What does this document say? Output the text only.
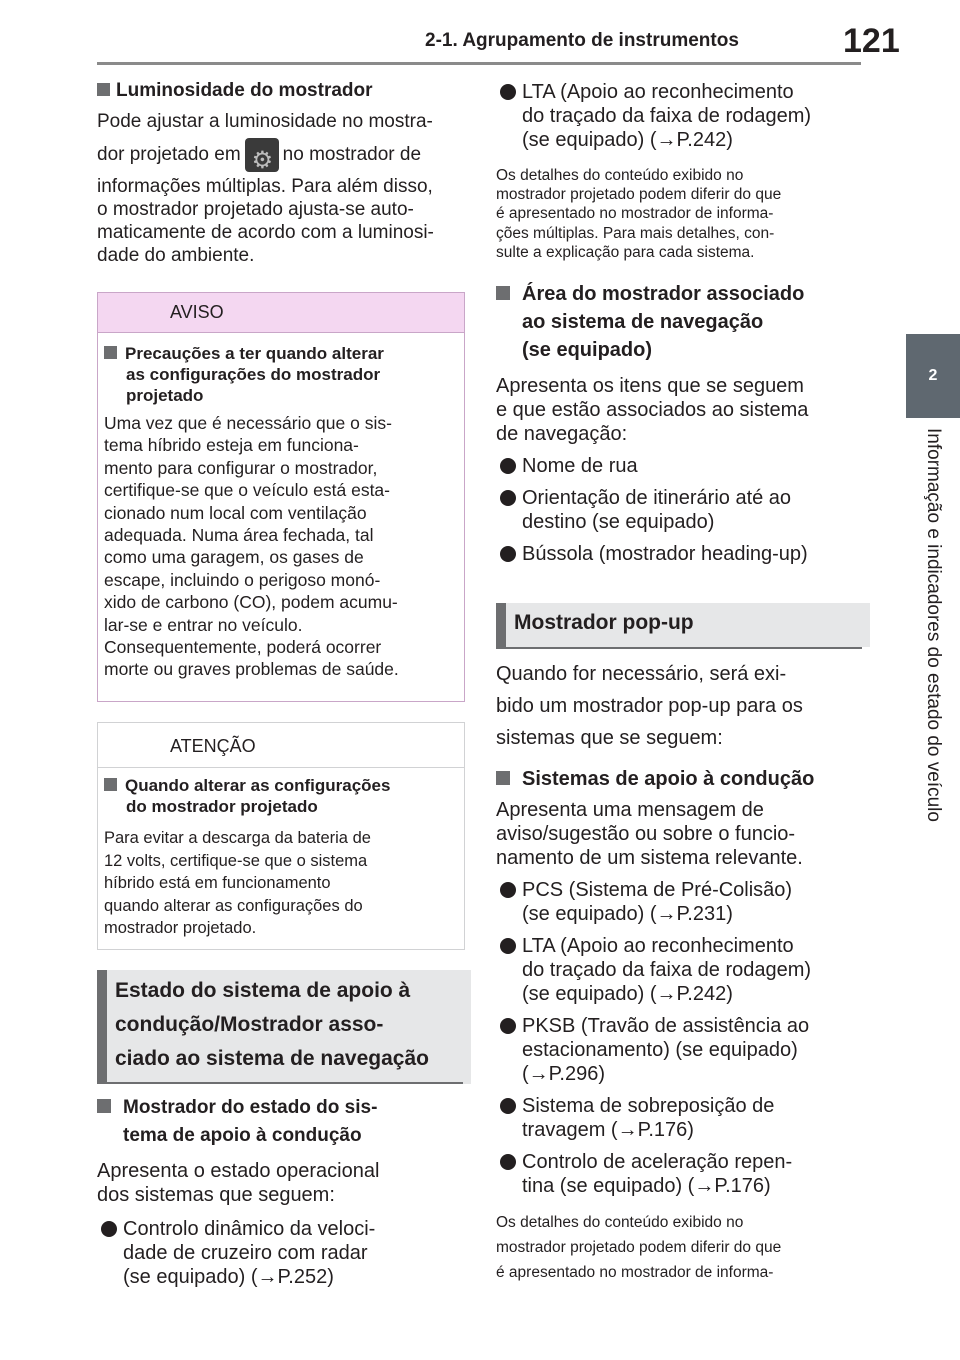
2-1. Agrupamento de instrumentos	121
2
Informação e indicadores do estado do veículo
Luminosidade do mostrador
Pode ajustar a luminosidade no mostra-
dor projetado em⚙ no mostrador de
informações múltiplas. Para além disso,
o mostrador projetado ajusta-se auto-
maticamente de acordo com a luminosi-
dade do ambiente.
AVISO
Precauções a ter quando alterar
as configurações do mostrador
projetado
Uma vez que é necessário que o sis-
tema híbrido esteja em funciona-
mento para configurar o mostrador,
certifique-se que o veículo está esta-
cionado num local com ventilação
adequada. Numa área fechada, tal
como uma garagem, os gases de
escape, incluindo o perigoso monó-
xido de carbono (CO), podem acumu-
lar-se e entrar no veículo.
Consequentemente, poderá ocorrer
morte ou graves problemas de saúde.
ATENÇÃO
Quando alterar as configurações
do mostrador projetado
Para evitar a descarga da bateria de
12 volts, certifique-se que o sistema
híbrido está em funcionamento
quando alterar as configurações do
mostrador projetado.
Estado do sistema de apoio à
condução/Mostrador asso-
ciado ao sistema de navegação
Mostrador do estado do sis-
tema de apoio à condução
Apresenta o estado operacional
dos sistemas que seguem:
Controlo dinâmico da veloci-
dade de cruzeiro com radar
(se equipado) (→P.252)
LTA (Apoio ao reconhecimento
do traçado da faixa de rodagem)
(se equipado) (→P.242)
Os detalhes do conteúdo exibido no
mostrador projetado podem diferir do que
é apresentado no mostrador de informa-
ções múltiplas. Para mais detalhes, con-
sulte a explicação para cada sistema.
Área do mostrador associado
ao sistema de navegação
(se equipado)
Apresenta os itens que se seguem
e que estão associados ao sistema
de navegação:
Nome de rua
Orientação de itinerário até ao
destino (se equipado)
Bússola (mostrador heading-up)
Mostrador pop-up
Quando for necessário, será exi-
bido um mostrador pop-up para os
sistemas que se seguem:
Sistemas de apoio à condução
Apresenta uma mensagem de
aviso/sugestão ou sobre o funcio-
namento de um sistema relevante.
PCS (Sistema de Pré-Colisão)
(se equipado) (→P.231)
LTA (Apoio ao reconhecimento
do traçado da faixa de rodagem)
(se equipado) (→P.242)
PKSB (Travão de assistência ao
estacionamento) (se equipado)
(→P.296)
Sistema de sobreposição de
travagem (→P.176)
Controlo de aceleração repen-
tina (se equipado) (→P.176)
Os detalhes do conteúdo exibido no
mostrador projetado podem diferir do que
é apresentado no mostrador de informa-
